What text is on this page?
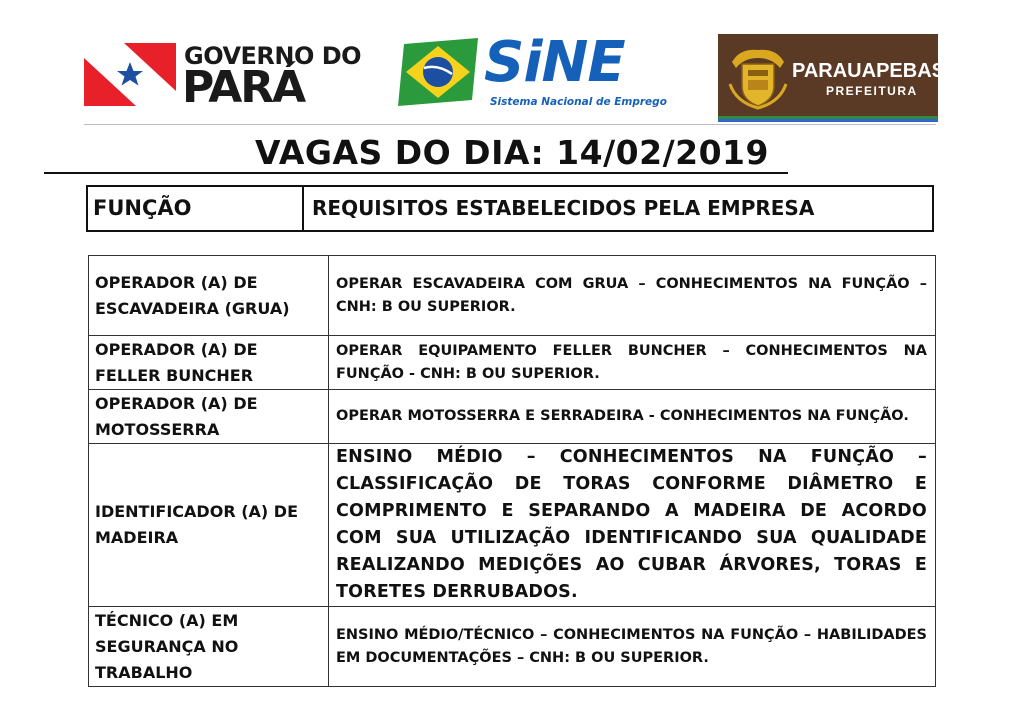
GOVERNO DO
PARÁ	SiNE
Sistema Nacional de Emprego
PARAUAPEBAS
PREFEITURA
VAGAS DO DIA: 14/02/2019
FUNÇÃO	REQUISITOS ESTABELECIDOS PELA EMPRESA
OPERADOR (A) DE ESCAVADEIRA (GRUA)	OPERAR ESCAVADEIRA COM GRUA – CONHECIMENTOS NA FUNÇÃO – CNH: B OU SUPERIOR.
OPERADOR (A) DE FELLER BUNCHER	OPERAR EQUIPAMENTO FELLER BUNCHER – CONHECIMENTOS NA FUNÇÃO - CNH: B OU SUPERIOR.
OPERADOR (A) DE MOTOSSERRA	OPERAR MOTOSSERRA E SERRADEIRA - CONHECIMENTOS NA FUNÇÃO.
IDENTIFICADOR (A) DE MADEIRA	ENSINO MÉDIO – CONHECIMENTOS NA FUNÇÃO – CLASSIFICAÇÃO DE TORAS CONFORME DIÂMETRO E COMPRIMENTO E SEPARANDO A MADEIRA DE ACORDO COM SUA UTILIZAÇÃO IDENTIFICANDO SUA QUALIDADE REALIZANDO MEDIÇÕES AO CUBAR ÁRVORES, TORAS E TORETES DERRUBADOS.
TÉCNICO (A) EM SEGURANÇA NO TRABALHO	ENSINO MÉDIO/TÉCNICO – CONHECIMENTOS NA FUNÇÃO – HABILIDADES EM DOCUMENTAÇÕES – CNH: B OU SUPERIOR.
